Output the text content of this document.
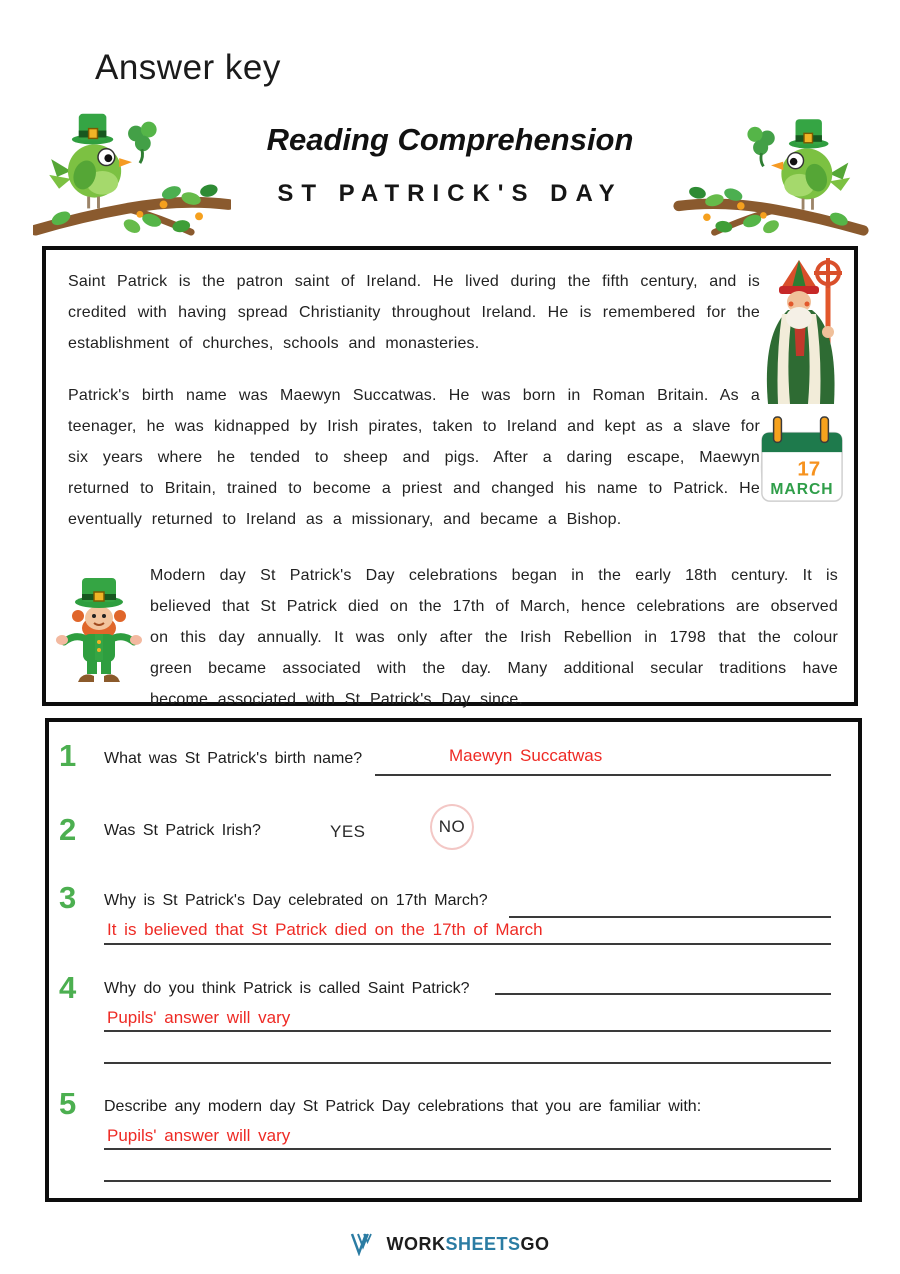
Answer key
Reading Comprehension
ST PATRICK'S DAY

Saint Patrick is the patron saint of Ireland. He lived during the fifth century, and is credited with having spread Christianity throughout Ireland. He is remembered for the establishment of churches, schools and monasteries.

Patrick's birth name was Maewyn Succatwas. He was born in Roman Britain. As a teenager, he was kidnapped by Irish pirates, taken to Ireland and kept as a slave for six years where he tended to sheep and pigs. After a daring escape, Maewyn returned to Britain, trained to become a priest and changed his name to Patrick. He eventually returned to Ireland as a missionary, and became a Bishop.

Modern day St Patrick's Day celebrations began in the early 18th century. It is believed that St Patrick died on the 17th of March, hence celebrations are observed on this day annually. It was only after the Irish Rebellion in 1798 that the colour green became associated with the day. Many additional secular traditions have become associated with St Patrick's Day since.

17
MARCH
1	What was St Patrick's birth name?	Maewyn Succatwas
2	Was St Patrick Irish?	YES	NO
3	Why is St Patrick's Day celebrated on 17th March?
It is believed that St Patrick died on the 17th of March
4	Why do you think Patrick is called Saint Patrick?
Pupils' answer will vary
5	Describe any modern day St Patrick Day celebrations that you are familiar with:
Pupils' answer will vary
WORKSHEETSGO
